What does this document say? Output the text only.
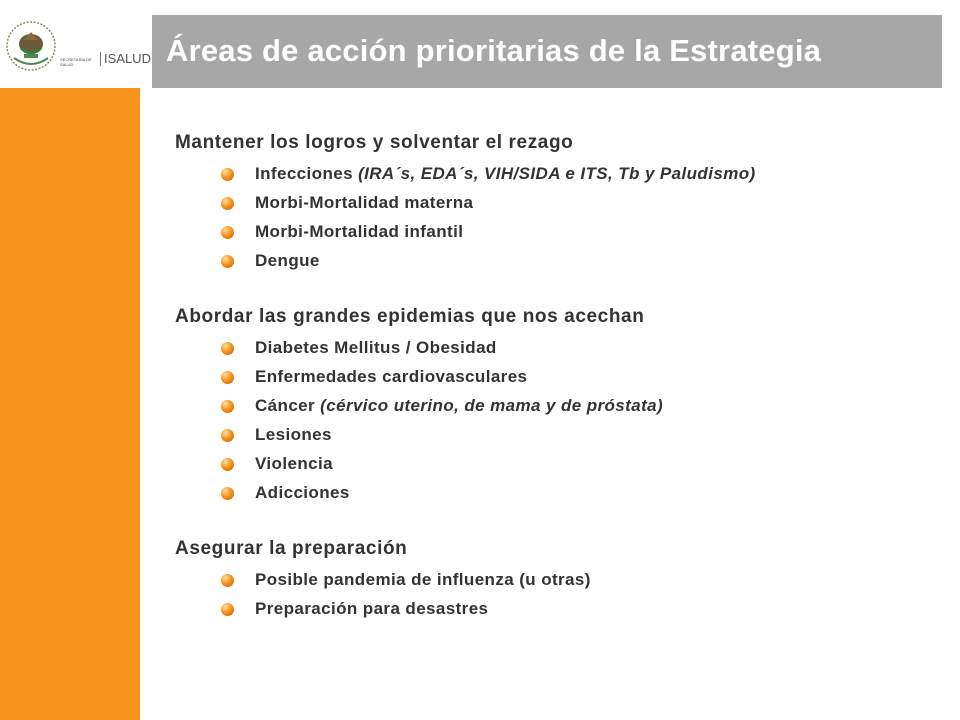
SECRETARÍA DE SALUD	ISALUD Áreas de acción prioritarias de la Estrategia
Mantener los logros y solventar el rezago
Infecciones (IRA´s, EDA´s, VIH/SIDA e ITS, Tb y Paludismo)
Morbi-Mortalidad materna
Morbi-Mortalidad infantil
Dengue
Abordar las grandes epidemias que nos acechan
Diabetes Mellitus / Obesidad
Enfermedades cardiovasculares
Cáncer (cérvico uterino, de mama y de próstata)
Lesiones
Violencia
Adicciones
Asegurar la preparación
Posible pandemia de influenza (u otras)
Preparación para desastres
